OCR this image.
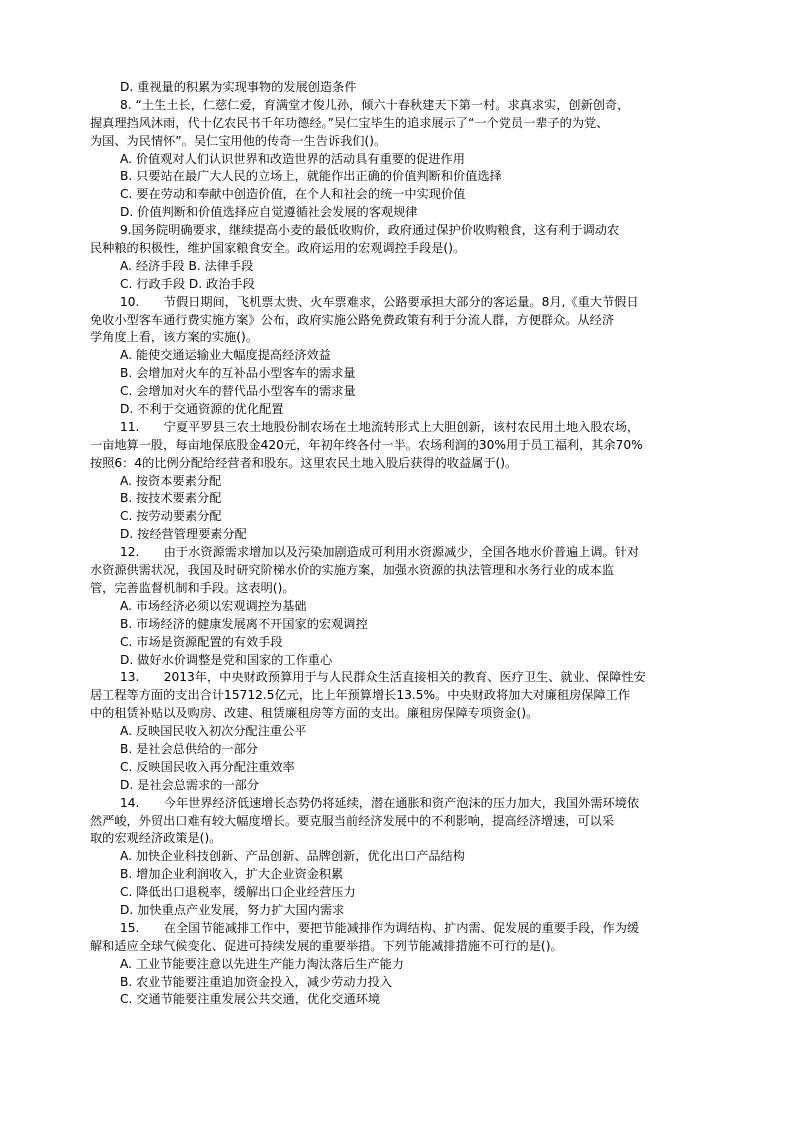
D. 重视量的积累为实现事物的发展创造条件
8. “土生土长，仁慈仁爱，育满堂才俊儿孙，倾六十春秋建天下第一村。求真求实，创新创奇，
握真理挡风沐雨，代十亿农民书千年功德经。”吴仁宝毕生的追求展示了“一个党员一辈子的为党、
为国、为民情怀”。吴仁宝用他的传奇一生告诉我们()。
A. 价值观对人们认识世界和改造世界的活动具有重要的促进作用
B. 只要站在最广大人民的立场上，就能作出正确的价值判断和价值选择
C. 要在劳动和奉献中创造价值，在个人和社会的统一中实现价值
D. 价值判断和价值选择应自觉遵循社会发展的客观规律
9.国务院明确要求，继续提高小麦的最低收购价，政府通过保护价收购粮食，这有利于调动农
民种粮的积极性，维护国家粮食安全。政府运用的宏观调控手段是()。
A. 经济手段 B. 法律手段
C. 行政手段 D. 政治手段
10.　　节假日期间，飞机票太贵、火车票难求，公路要承担大部分的客运量。8月,《重大节假日
免收小型客车通行费实施方案》公布，政府实施公路免费政策有利于分流人群，方便群众。从经济
学角度上看，该方案的实施()。
A. 能使交通运输业大幅度提高经济效益
B. 会增加对火车的互补品小型客车的需求量
C. 会增加对火车的替代品小型客车的需求量
D. 不利于交通资源的优化配置
11.　　宁夏平罗县三农土地股份制农场在土地流转形式上大胆创新，该村农民用土地入股农场，
一亩地算一股，每亩地保底股金420元，年初年终各付一半。农场利润的30%用于员工福利，其余70%
按照6：4的比例分配给经营者和股东。这里农民土地入股后获得的收益属于()。
A. 按资本要素分配
B. 按技术要素分配
C. 按劳动要素分配
D. 按经营管理要素分配
12.　　由于水资源需求增加以及污染加剧造成可利用水资源减少，全国各地水价普遍上调。针对
水资源供需状况，我国及时研究阶梯水价的实施方案，加强水资源的执法管理和水务行业的成本监
管，完善监督机制和手段。这表明()。
A. 市场经济必须以宏观调控为基础
B. 市场经济的健康发展离不开国家的宏观调控
C. 市场是资源配置的有效手段
D. 做好水价调整是党和国家的工作重心
13.　　2013年，中央财政预算用于与人民群众生活直接相关的教育、医疗卫生、就业、保障性安
居工程等方面的支出合计15712.5亿元，比上年预算增长13.5%。中央财政将加大对廉租房保障工作
中的租赁补贴以及购房、改建、租赁廉租房等方面的支出。廉租房保障专项资金()。
A. 反映国民收入初次分配注重公平
B. 是社会总供给的一部分
C. 反映国民收入再分配注重效率
D. 是社会总需求的一部分
14.　　今年世界经济低速增长态势仍将延续，潜在通胀和资产泡沫的压力加大，我国外需环境依
然严峻，外贸出口难有较大幅度增长。要克服当前经济发展中的不利影响，提高经济增速，可以采
取的宏观经济政策是()。
A. 加快企业科技创新、产品创新、品牌创新，优化出口产品结构
B. 增加企业利润收入，扩大企业资金积累
C. 降低出口退税率，缓解出口企业经营压力
D. 加快重点产业发展，努力扩大国内需求
15.　　在全国节能减排工作中，要把节能减排作为调结构、扩内需、促发展的重要手段，作为缓
解和适应全球气候变化、促进可持续发展的重要举措。下列节能减排措施不可行的是()。
A. 工业节能要注意以先进生产能力淘汰落后生产能力
B. 农业节能要注重追加资金投入，减少劳动力投入
C. 交通节能要注重发展公共交通，优化交通环境
